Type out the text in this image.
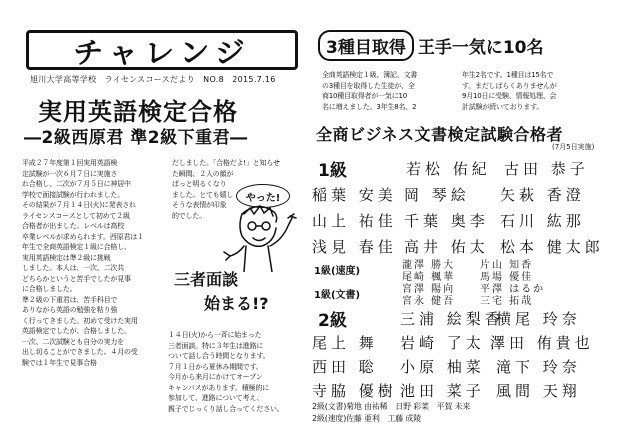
チャレンジ
旭川大学高等学校　ライセンスコースだより　NO.8　2015.7.16
実用英語検定合格
―2級西原君 準2級下重君―
平成２７年度第１回実用英語検
定試験が一次６月７日に実施さ
れ合格し、二次が７月５日に神居中
学校で面接試験が行われました。
その結果が７月１４日(火)に発表され
ライセンスコースとして初めて２級
合格者が出ました。レベルは高校
卒業レベルが求められます。西原君は１
年生で全商英語検定１級に合格し、
実用英語検定は準２級に挑戦
しました。本人は、一次、二次共
どちらかというと苦手でしたが見事
に合格しました。
準２級の下重君は、苦手科目で
ありながら英語の勉強を粘り強
く行ってきました。初めて受けた実用
英語検定でしたが、合格しました。
一次、二次試験とも自分の実力を
出し切ることができました。４月の受
験では１年生で見事合格
だしました。「合格だよ!」と知らせ
た瞬間、２人の顔が
ぱっと明るくなり
ました。とても嬉し
そうな表情が印象
的でした。
やった!
三者面談
始まる!?
１４日(火)から一斉に始まった
三者面談。特に３年生は進路に
ついて話し合う時間となります。
７月１日から夏休み期間です。
今月から来月にかけてオープン
キャンパスがあります。積極的に
参加して、進路について考え、
親子でじっくり話し合ってください。
3種目取得 王手一気に10名
全商英語検定１級、簿記、文書
の3種目を取得した生徒が、全
商10種目取得者が一気に10
名に増えました。3年生8名、2
年生2名です。1種目は15名で
す。まだしばらくありませんが
9月10日に受験、情報処理、会
計試験が続いております。
全商ビジネス文書検定試験合格者
(7月5日実施)
1級	若松 佑紀 古田 恭子
稲葉 安美 岡 琴絵 矢萩 香澄
山上 祐佳 千葉 奥李 石川 紘那
浅見 春佳 高井 佑太 松本 健太郎
1級(速度)
瀧澤 勝大 片山 知香
尾崎 楓華 馬場 優佳
宮澤 陽向 平澤 はるか
宮永 健吾 三宅 拓哉
1級(文書)
2級	三浦 絵梨香
横尾 玲奈
尾上 舞 岩崎 了太 澤田 侑貴也
西田 聡 小原 柚菜 滝下 玲奈
寺脇 優樹 池田 菜子 風間 天翔
2級(文書)菊地 由祐稀　日野 彩菜　平賀 未来
2級(速度)佐藤 亜利　工藤 成陵
